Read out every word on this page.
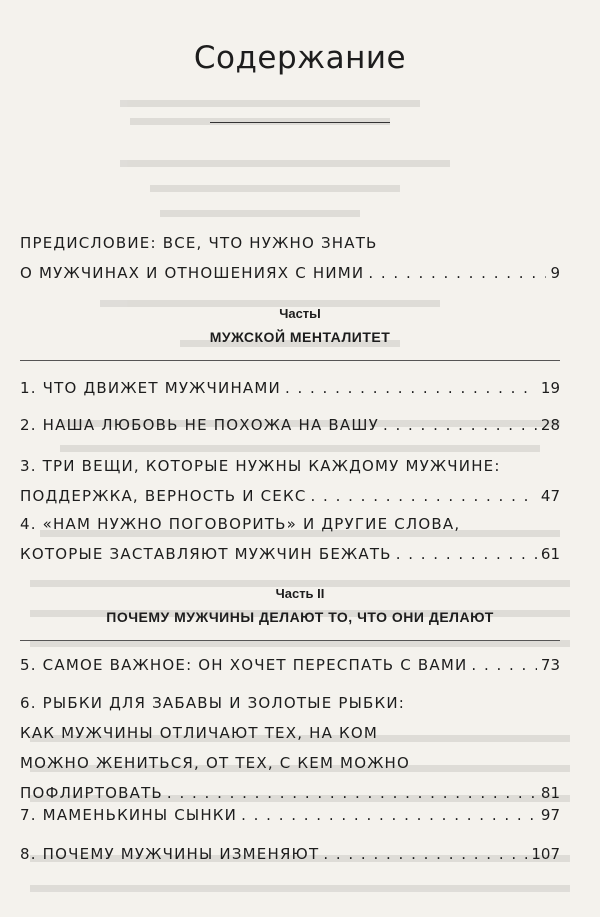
Содержание
ПРЕДИСЛОВИЕ: ВСЕ, ЧТО НУЖНО ЗНАТЬ
О МУЖЧИНАХ И ОТНОШЕНИЯХ С НИМИ . . .	9
ЧастьI
МУЖСКОЙ МЕНТАЛИТЕТ
1. ЧТО ДВИЖЕТ МУЖЧИНАМИ . . .	19
2. НАША ЛЮБОВЬ НЕ ПОХОЖА НА ВАШУ . . .	28
3. ТРИ ВЕЩИ, КОТОРЫЕ НУЖНЫ КАЖДОМУ МУЖЧИНЕ:
ПОДДЕРЖКА, ВЕРНОСТЬ И СЕКС . . .	47
4. «НАМ НУЖНО ПОГОВОРИТЬ» И ДРУГИЕ СЛОВА,
КОТОРЫЕ ЗАСТАВЛЯЮТ МУЖЧИН БЕЖАТЬ . . .	61
Часть II
ПОЧЕМУ МУЖЧИНЫ ДЕЛАЮТ ТО, ЧТО ОНИ ДЕЛАЮТ
5. САМОЕ ВАЖНОЕ: ОН ХОЧЕТ ПЕРЕСПАТЬ С ВАМИ . . .	73
6. РЫБКИ ДЛЯ ЗАБАВЫ И ЗОЛОТЫЕ РЫБКИ:
КАК МУЖЧИНЫ ОТЛИЧАЮТ ТЕХ, НА КОМ
МОЖНО ЖЕНИТЬСЯ, ОТ ТЕХ, С КЕМ МОЖНО
ПОФЛИРТОВАТЬ . . .	81
7. МАМЕНЬКИНЫ СЫНКИ . . .	97
8. ПОЧЕМУ МУЖЧИНЫ ИЗМЕНЯЮТ . . .	107
